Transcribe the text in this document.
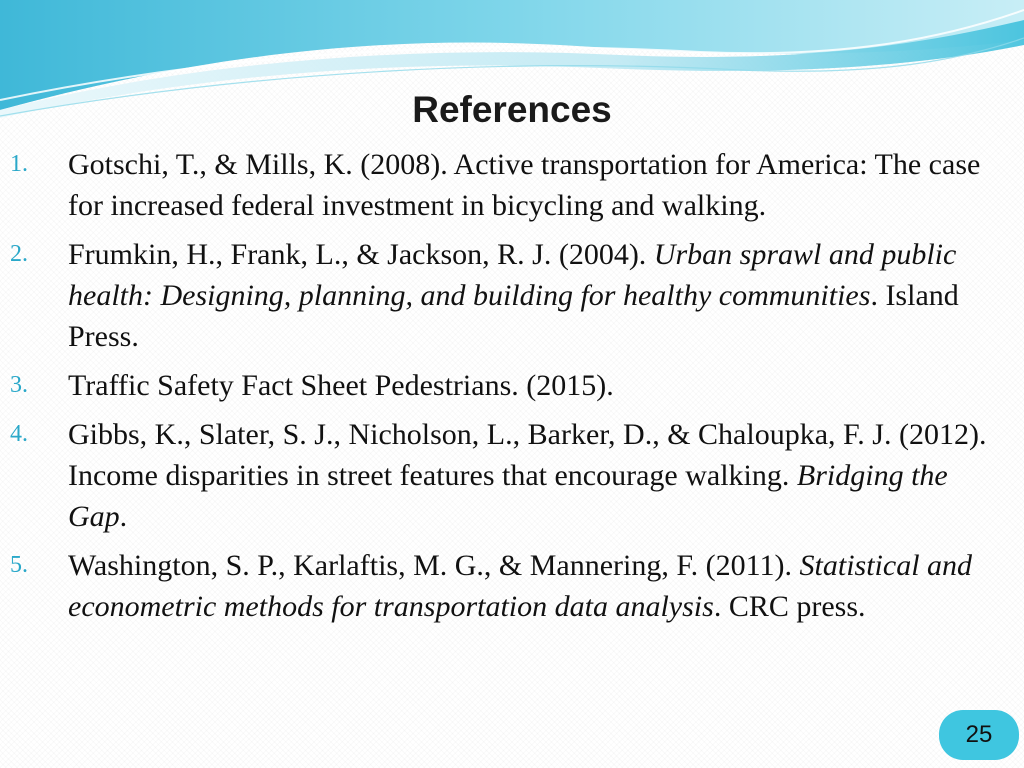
References
1. Gotschi, T., & Mills, K. (2008). Active transportation for America: The case for increased federal investment in bicycling and walking.
2. Frumkin, H., Frank, L., & Jackson, R. J. (2004). Urban sprawl and public health: Designing, planning, and building for healthy communities. Island Press.
3. Traffic Safety Fact Sheet Pedestrians. (2015).
4. Gibbs, K., Slater, S. J., Nicholson, L., Barker, D., & Chaloupka, F. J. (2012). Income disparities in street features that encourage walking. Bridging the Gap.
5. Washington, S. P., Karlaftis, M. G., & Mannering, F. (2011). Statistical and econometric methods for transportation data analysis. CRC press.
25
